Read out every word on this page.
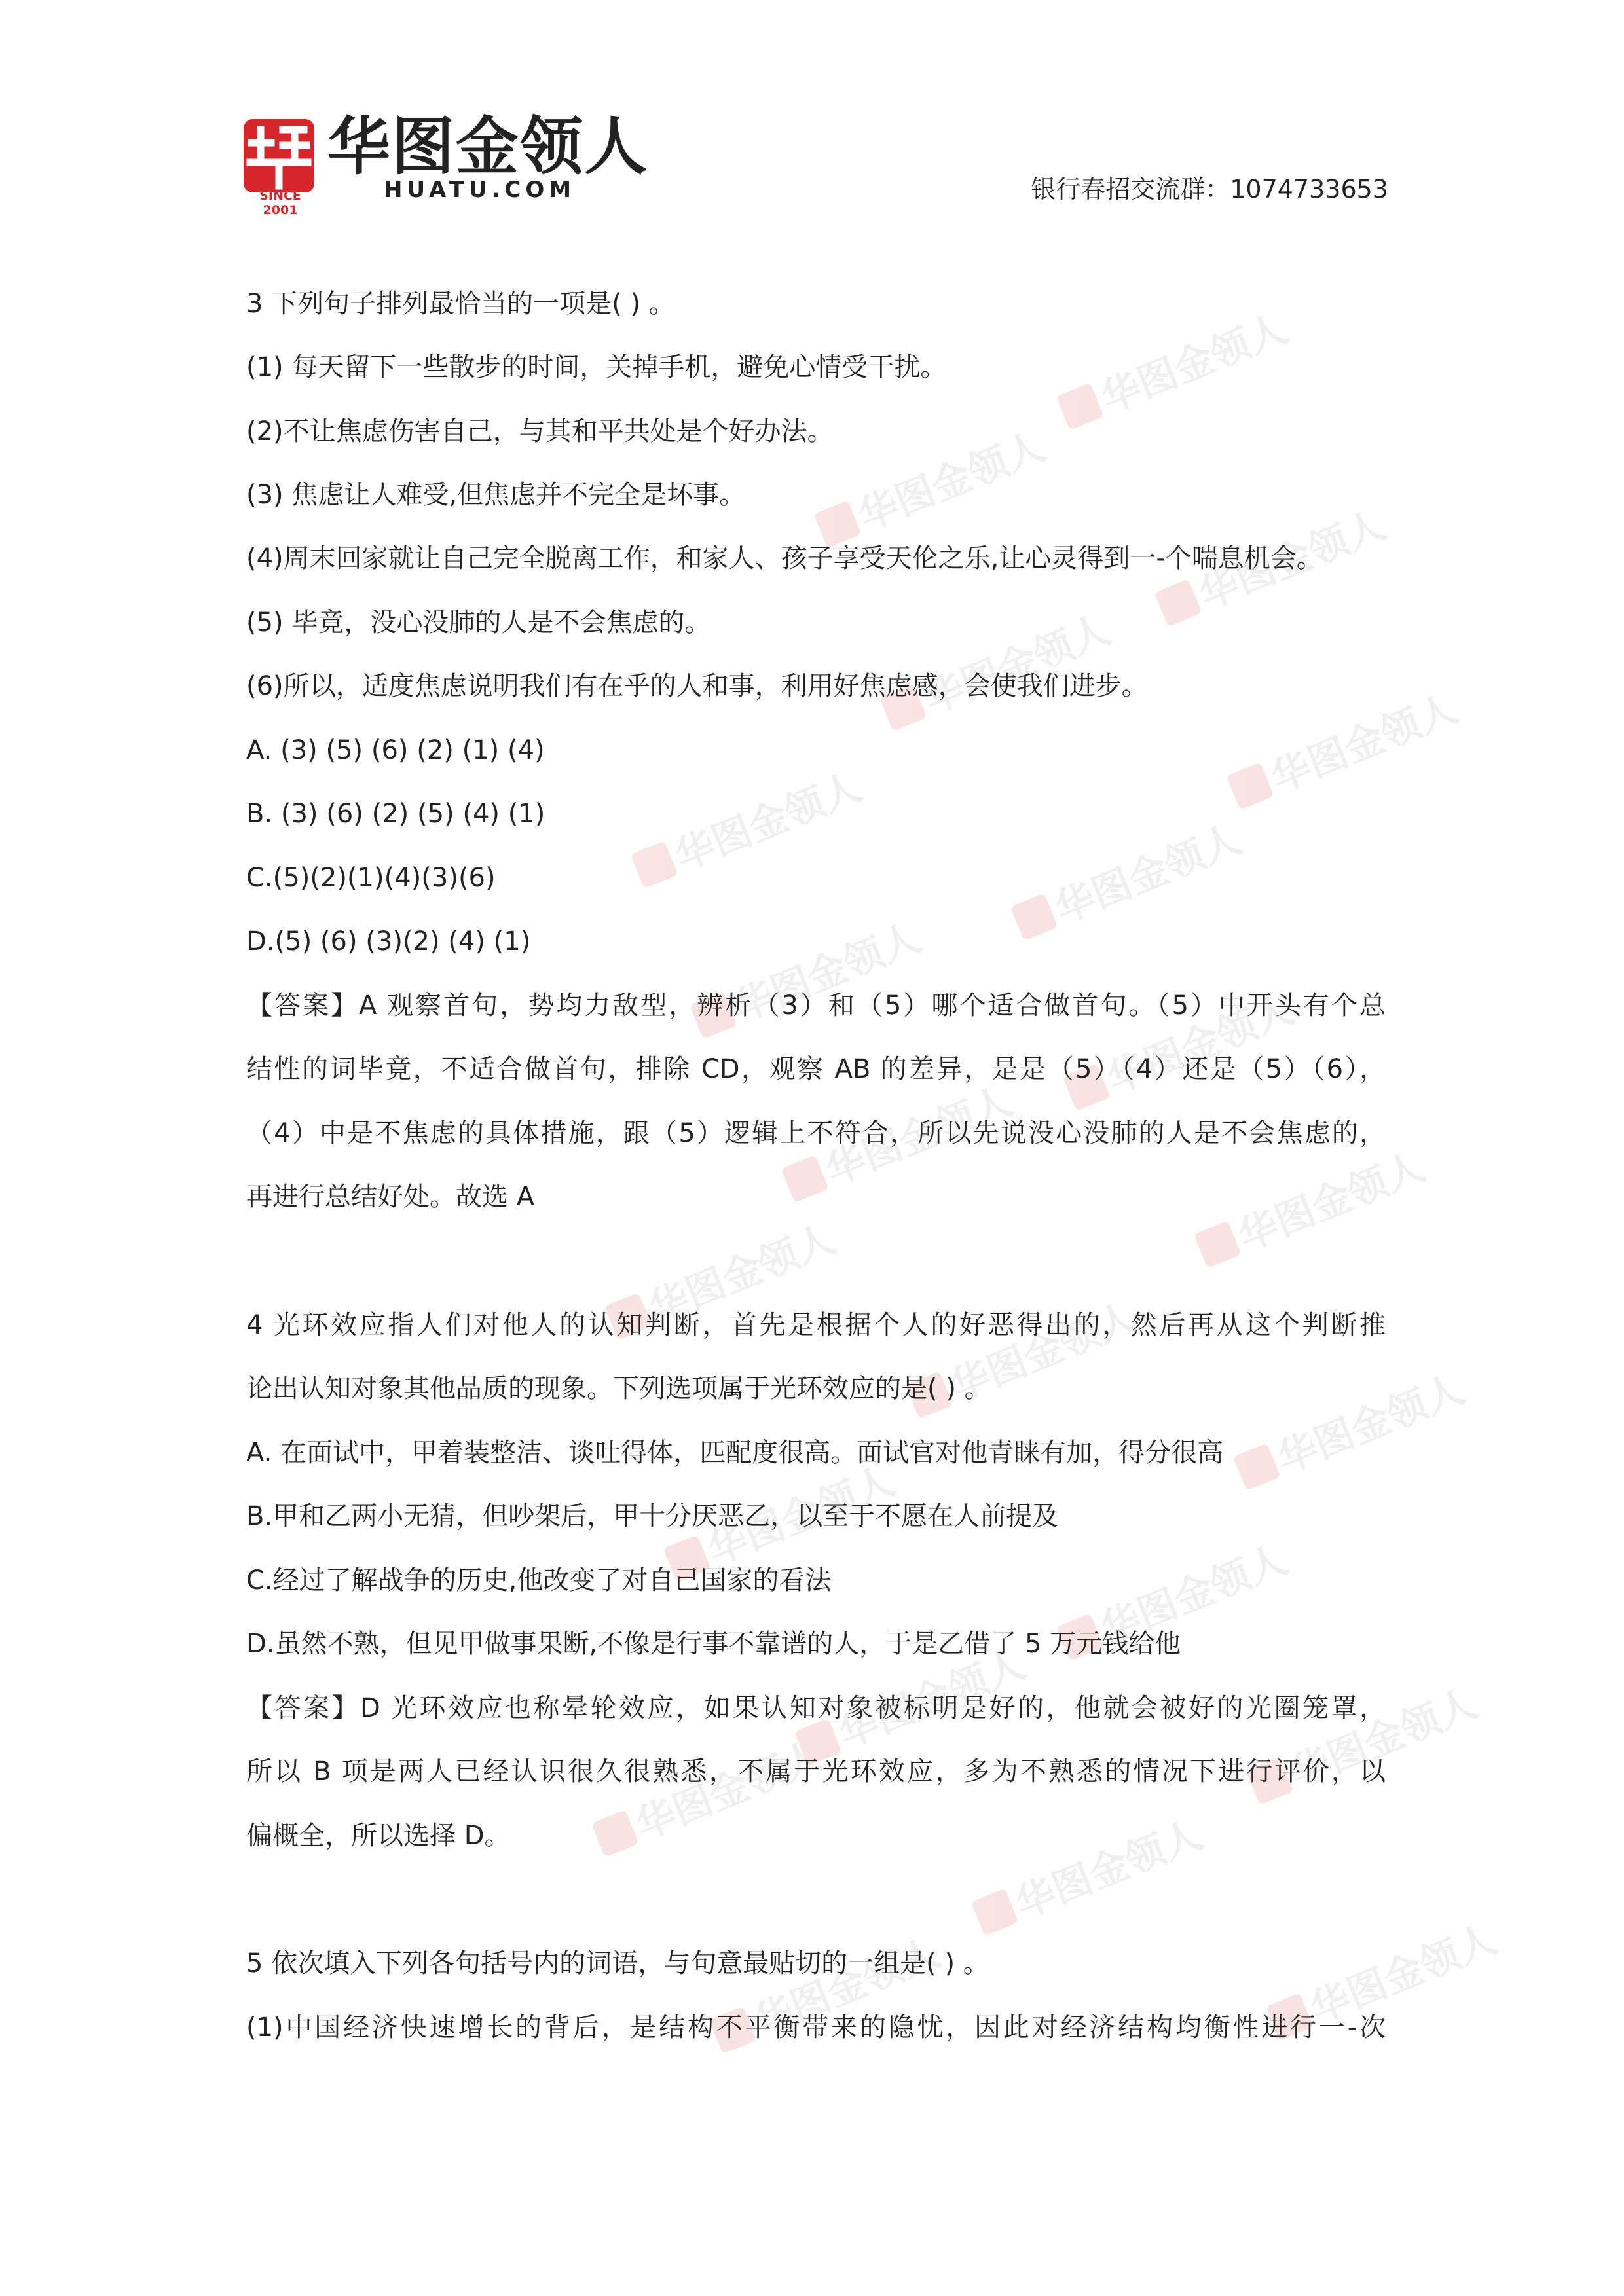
SINCE 2001
华图金领人
HUATU.COM	银行春招交流群：1074733653
华图金领人
华图金领人
华图金领人
华图金领人
华图金领人
华图金领人	华图金领人
华图金领人
华图金领人
华图金领人
华图金领人
华图金领人
华图金领人
华图金领人
华图金领人
华图金领人
华图金领人	华图金领人
华图金领人
华图金领人
华图金领人
华图金领人
3 下列句子排列最恰当的一项是( ) 。
(1) 每天留下一些散步的时间，关掉手机，避免心情受干扰。
(2)不让焦虑伤害自己，与其和平共处是个好办法。
(3) 焦虑让人难受,但焦虑并不完全是坏事。
(4)周末回家就让自己完全脱离工作，和家人、孩子享受天伦之乐,让心灵得到一-个喘息机会。
(5) 毕竟，没心没肺的人是不会焦虑的。
(6)所以，适度焦虑说明我们有在乎的人和事，利用好焦虑感，会使我们进步。
A. (3) (5) (6) (2) (1) (4)
B. (3) (6) (2) (5) (4) (1)
C.(5)(2)(1)(4)(3)(6)
D.(5) (6) (3)(2) (4) (1)
【答案】A 观察首句，势均力敌型，辨析（3）和（5）哪个适合做首句。（5）中开头有个总
结性的词毕竟，不适合做首句，排除 CD，观察 AB 的差异，是是（5）（4）还是（5）（6），
（4）中是不焦虑的具体措施，跟（5）逻辑上不符合，所以先说没心没肺的人是不会焦虑的，
再进行总结好处。故选 A
4 光环效应指人们对他人的认知判断，首先是根据个人的好恶得出的，然后再从这个判断推
论出认知对象其他品质的现象。下列选项属于光环效应的是( ) 。
A. 在面试中，甲着装整洁、谈吐得体，匹配度很高。面试官对他青睐有加，得分很高
B.甲和乙两小无猜，但吵架后，甲十分厌恶乙，以至于不愿在人前提及
C.经过了解战争的历史,他改变了对自己国家的看法
D.虽然不熟，但见甲做事果断,不像是行事不靠谱的人，于是乙借了 5 万元钱给他
【答案】D 光环效应也称晕轮效应，如果认知对象被标明是好的，他就会被好的光圈笼罩，
所以 B 项是两人已经认识很久很熟悉，不属于光环效应，多为不熟悉的情况下进行评价，以
偏概全，所以选择 D。
5 依次填入下列各句括号内的词语，与句意最贴切的一组是( ) 。
(1)中国经济快速增长的背后，是结构不平衡带来的隐忧，因此对经济结构均衡性进行一-次
